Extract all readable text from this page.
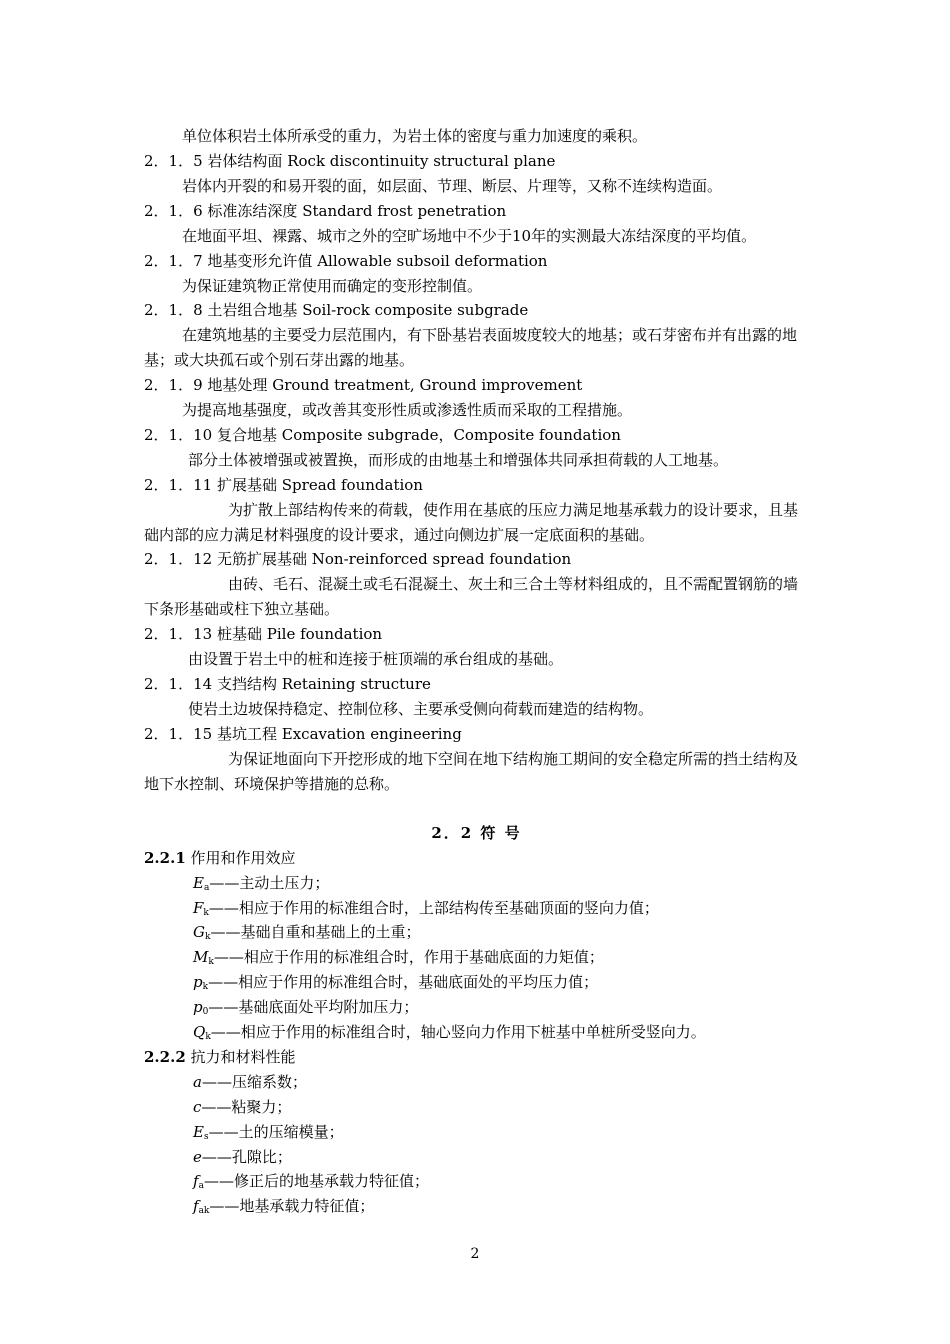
单位体积岩土体所承受的重力，为岩土体的密度与重力加速度的乘积。
2．1．5 岩体结构面 Rock discontinuity structural plane
岩体内开裂的和易开裂的面，如层面、节理、断层、片理等，又称不连续构造面。
2．1．6 标准冻结深度 Standard frost penetration
在地面平坦、裸露、城市之外的空旷场地中不少于10年的实测最大冻结深度的平均值。
2．1．7 地基变形允许值 Allowable subsoil deformation
为保证建筑物正常使用而确定的变形控制值。
2．1．8 土岩组合地基 Soil-rock composite subgrade
在建筑地基的主要受力层范围内，有下卧基岩表面坡度较大的地基；或石芽密布并有出露的地基；或大块孤石或个别石芽出露的地基。
2．1．9 地基处理 Ground treatment, Ground improvement
为提高地基强度，或改善其变形性质或渗透性质而采取的工程措施。
2．1．10 复合地基 Composite subgrade，Composite foundation
部分土体被增强或被置换，而形成的由地基土和增强体共同承担荷载的人工地基。
2．1．11 扩展基础 Spread foundation
为扩散上部结构传来的荷载，使作用在基底的压应力满足地基承载力的设计要求，且基础内部的应力满足材料强度的设计要求，通过向侧边扩展一定底面积的基础。
2．1．12 无筋扩展基础 Non-reinforced spread foundation
由砖、毛石、混凝土或毛石混凝土、灰土和三合土等材料组成的，且不需配置钢筋的墙下条形基础或柱下独立基础。
2．1．13 桩基础 Pile foundation
由设置于岩土中的桩和连接于桩顶端的承台组成的基础。
2．1．14 支挡结构 Retaining structure
使岩土边坡保持稳定、控制位移、主要承受侧向荷载而建造的结构物。
2．1．15 基坑工程 Excavation engineering
为保证地面向下开挖形成的地下空间在地下结构施工期间的安全稳定所需的挡土结构及地下水控制、环境保护等措施的总称。
2．2 符 号
2.2.1 作用和作用效应
$E_a——$主动土压力；
$F_k——$相应于作用的标准组合时，上部结构传至基础顶面的竖向力值；
$G_k——$基础自重和基础上的土重；
$M_k——$相应于作用的标准组合时，作用于基础底面的力矩值；
$p_k——$相应于作用的标准组合时，基础底面处的平均压力值；
$p_0——$基础底面处平均附加压力；
$Q_k——$相应于作用的标准组合时，轴心竖向力作用下桩基中单桩所受竖向力。
2.2.2 抗力和材料性能
a——压缩系数；
c——粘聚力；
$E_s——$土的压缩模量；
e——孔隙比；
$f_a——$修正后的地基承载力特征值；
$f_{ak}——$地基承载力特征值；
2
